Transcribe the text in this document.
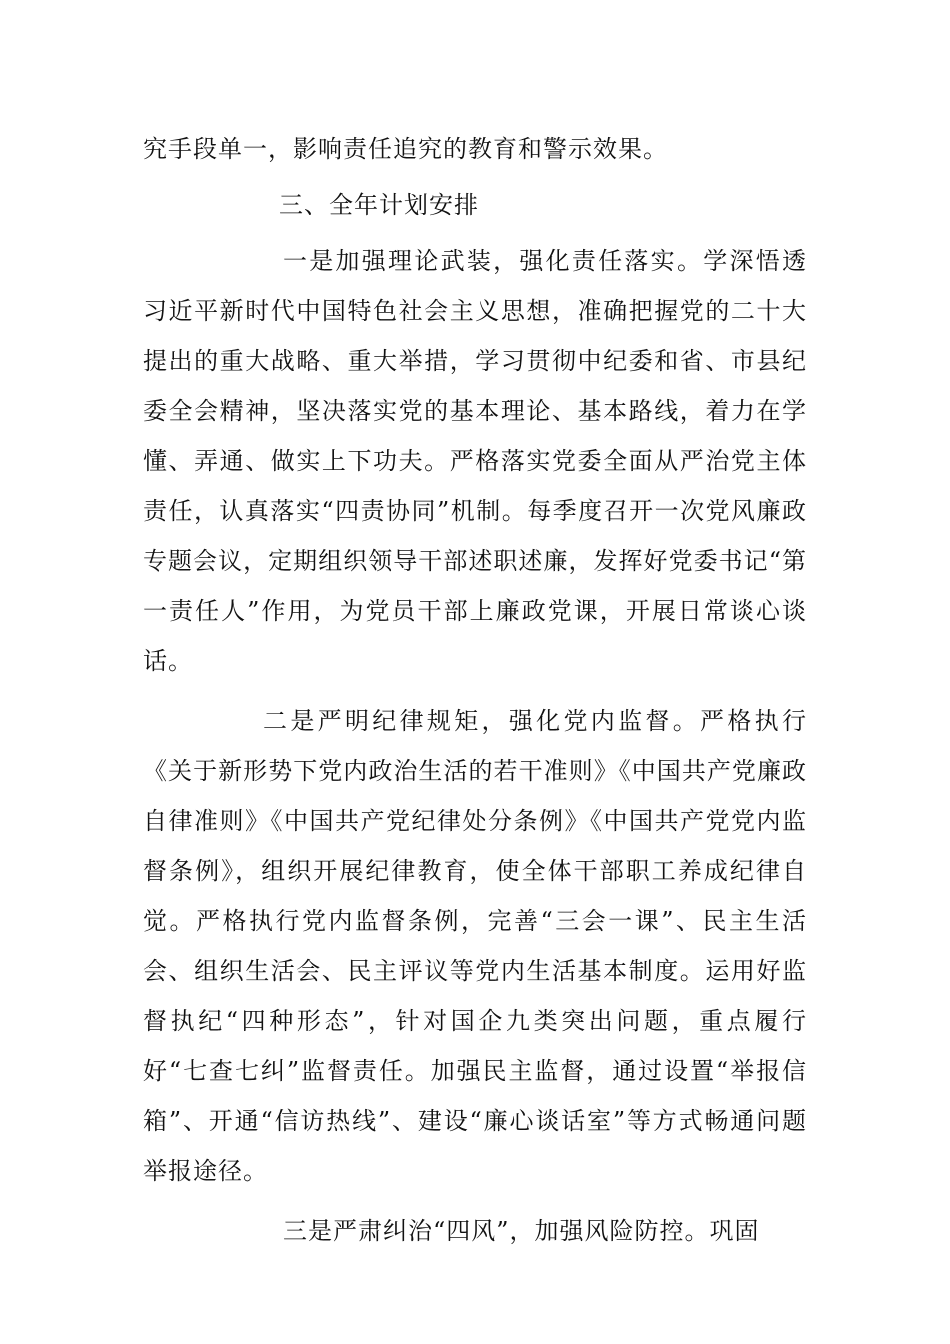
究手段单一，影响责任追究的教育和警示效果。

三、全年计划安排

一是加强理论武装，强化责任落实。学深悟透习近平新时代中国特色社会主义思想，准确把握党的二十大提出的重大战略、重大举措，学习贯彻中纪委和省、市县纪委全会精神，坚决落实党的基本理论、基本路线，着力在学懂、弄通、做实上下功夫。严格落实党委全面从严治党主体责任，认真落实“四责协同”机制。每季度召开一次党风廉政专题会议，定期组织领导干部述职述廉，发挥好党委书记“第一责任人”作用，为党员干部上廉政党课，开展日常谈心谈话。

二是严明纪律规矩，强化党内监督。严格执行《关于新形势下党内政治生活的若干准则》《中国共产党廉政自律准则》《中国共产党纪律处分条例》《中国共产党党内监督条例》，组织开展纪律教育，使全体干部职工养成纪律自觉。严格执行党内监督条例，完善“三会一课”、民主生活会、组织生活会、民主评议等党内生活基本制度。运用好监督执纪“四种形态”，针对国企九类突出问题，重点履行好“七查七纠”监督责任。加强民主监督，通过设置“举报信箱”、开通“信访热线”、建设“廉心谈话室”等方式畅通问题举报途径。

三是严肃纠治“四风”，加强风险防控。巩固
